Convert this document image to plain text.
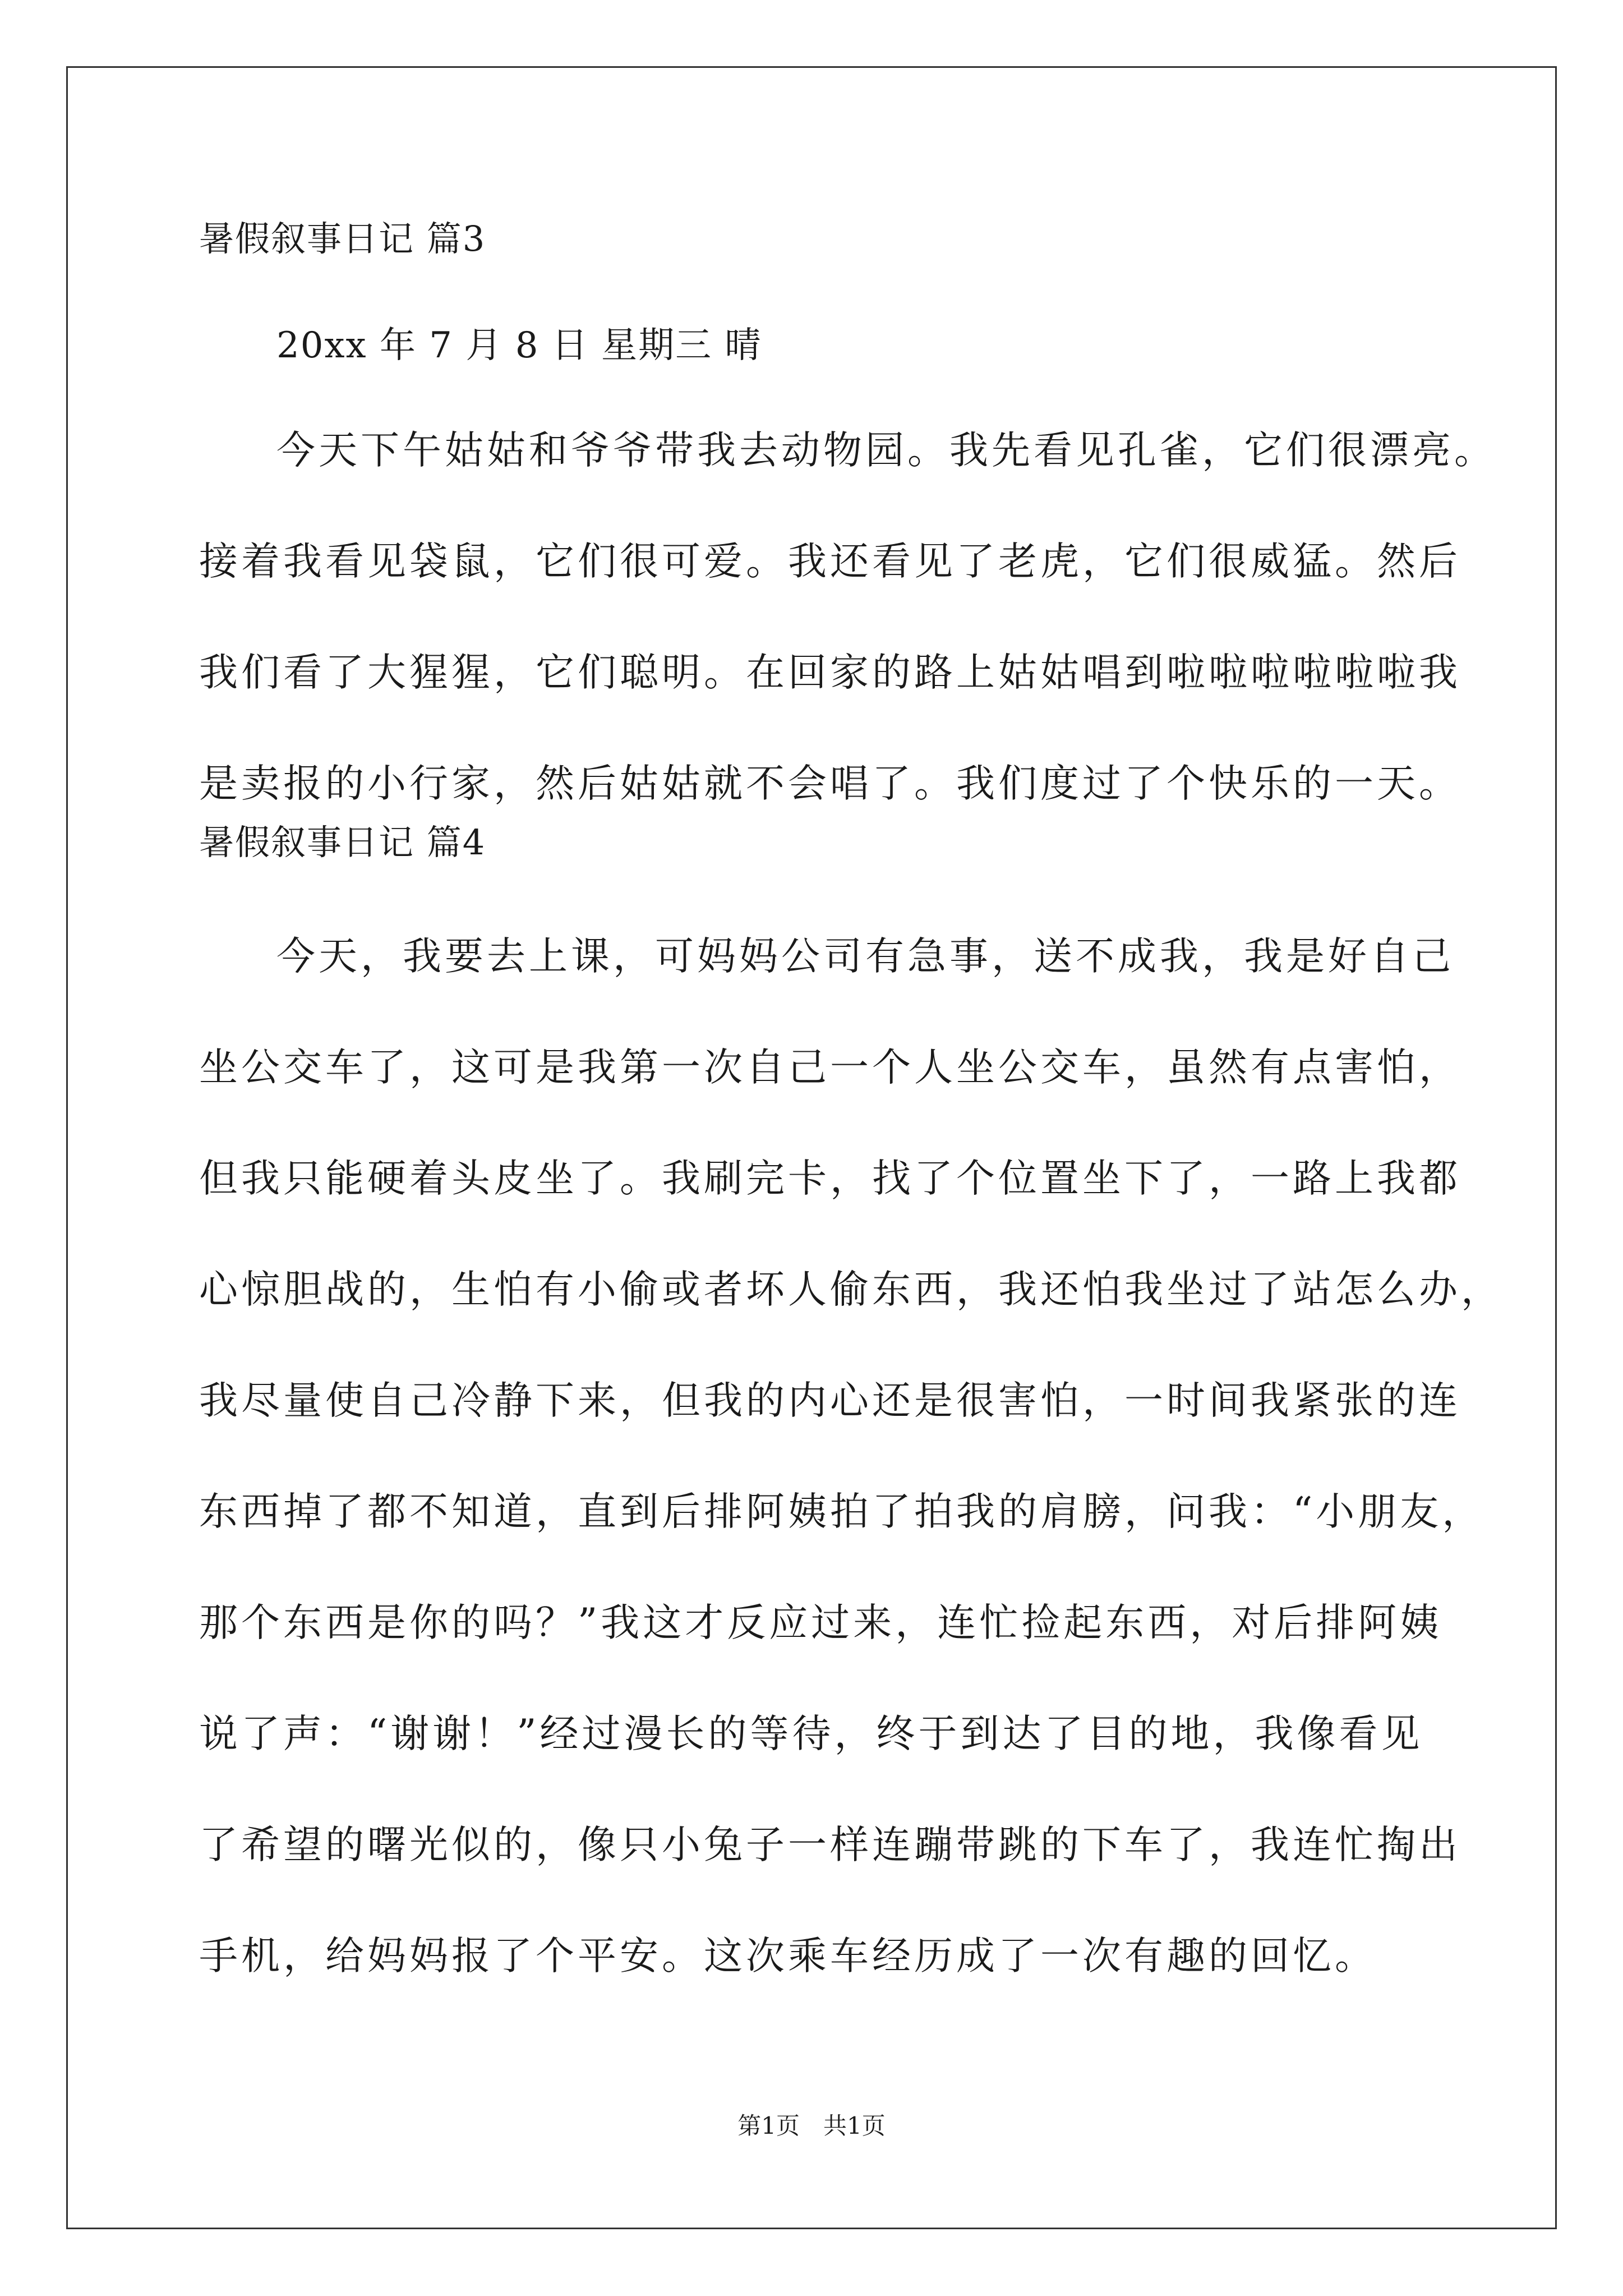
暑假叙事日记 篇3
20xx 年 7 月 8 日 星期三 晴
今天下午姑姑和爷爷带我去动物园。我先看见孔雀，它们很漂亮。
接着我看见袋鼠，它们很可爱。我还看见了老虎，它们很威猛。然后
我们看了大猩猩，它们聪明。在回家的路上姑姑唱到啦啦啦啦啦啦我
是卖报的小行家，然后姑姑就不会唱了。我们度过了个快乐的一天。
暑假叙事日记 篇4
今天，我要去上课，可妈妈公司有急事，送不成我，我是好自己
坐公交车了，这可是我第一次自己一个人坐公交车，虽然有点害怕，
但我只能硬着头皮坐了。我刷完卡，找了个位置坐下了，一路上我都
心惊胆战的，生怕有小偷或者坏人偷东西，我还怕我坐过了站怎么办，
我尽量使自己冷静下来，但我的内心还是很害怕，一时间我紧张的连
东西掉了都不知道，直到后排阿姨拍了拍我的肩膀，问我：“小朋友，
那个东西是你的吗？”我这才反应过来，连忙捡起东西，对后排阿姨
说了声：“谢谢！”经过漫长的等待，终于到达了目的地，我像看见
了希望的曙光似的，像只小兔子一样连蹦带跳的下车了，我连忙掏出
手机，给妈妈报了个平安。这次乘车经历成了一次有趣的回忆。
第1页　共1页
